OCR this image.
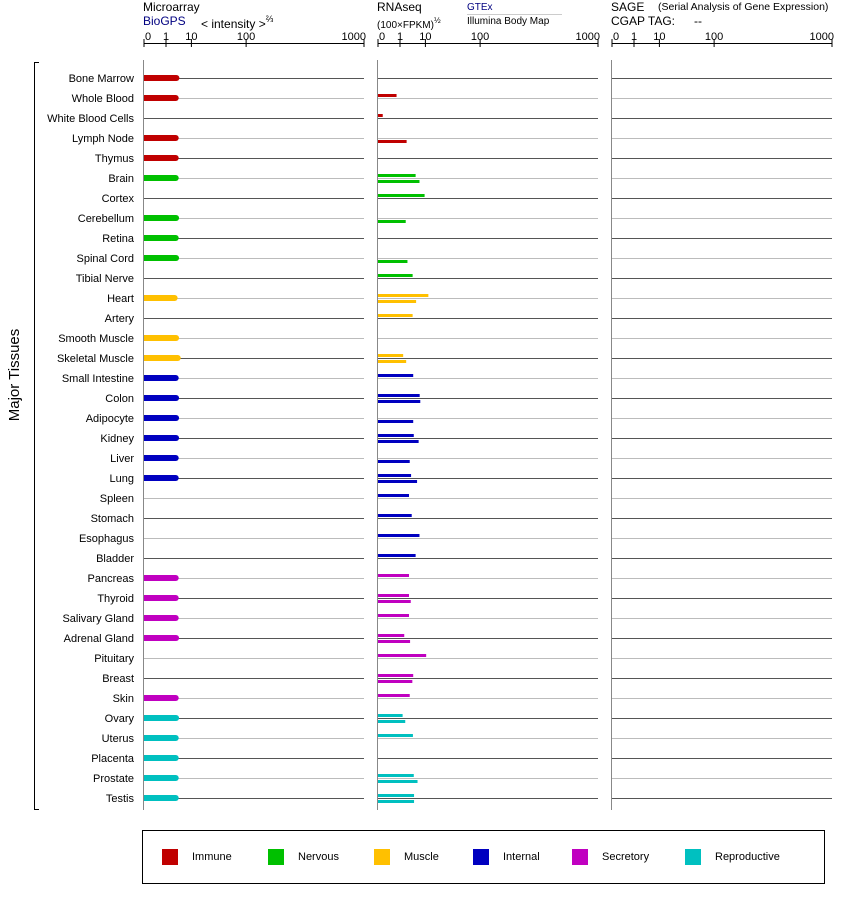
0 1 10	100	1000 0 1 10	100	1000 0 1 10	100	1000
Bone Marrow
Whole Blood
White Blood Cells
Lymph Node
Thymus
Brain
Cortex
Cerebellum
Retina
Spinal Cord
Tibial Nerve
Heart
Artery
Smooth Muscle
Skeletal Muscle
Small Intestine
Colon
Adipocyte
Kidney
Liver
Lung
Spleen
Stomach
Esophagus
Bladder
Pancreas
Thyroid
Salivary Gland
Adrenal Gland
Pituitary
Breast
Skin
Ovary
Uterus
Placenta
Prostate
Testis
Major Tissues
Microarray
BioGPS < intensity >$^{\frac{2}{3}}$
RNAseq
(100×FPKM)$^{\frac{1}{2}}$
GTEx
Illumina Body Map
SAGE (Serial Analysis of Gene Expression)
CGAP TAG: --
Immune	Nervous	Muscle	Internal	Secretory	Reproductive
